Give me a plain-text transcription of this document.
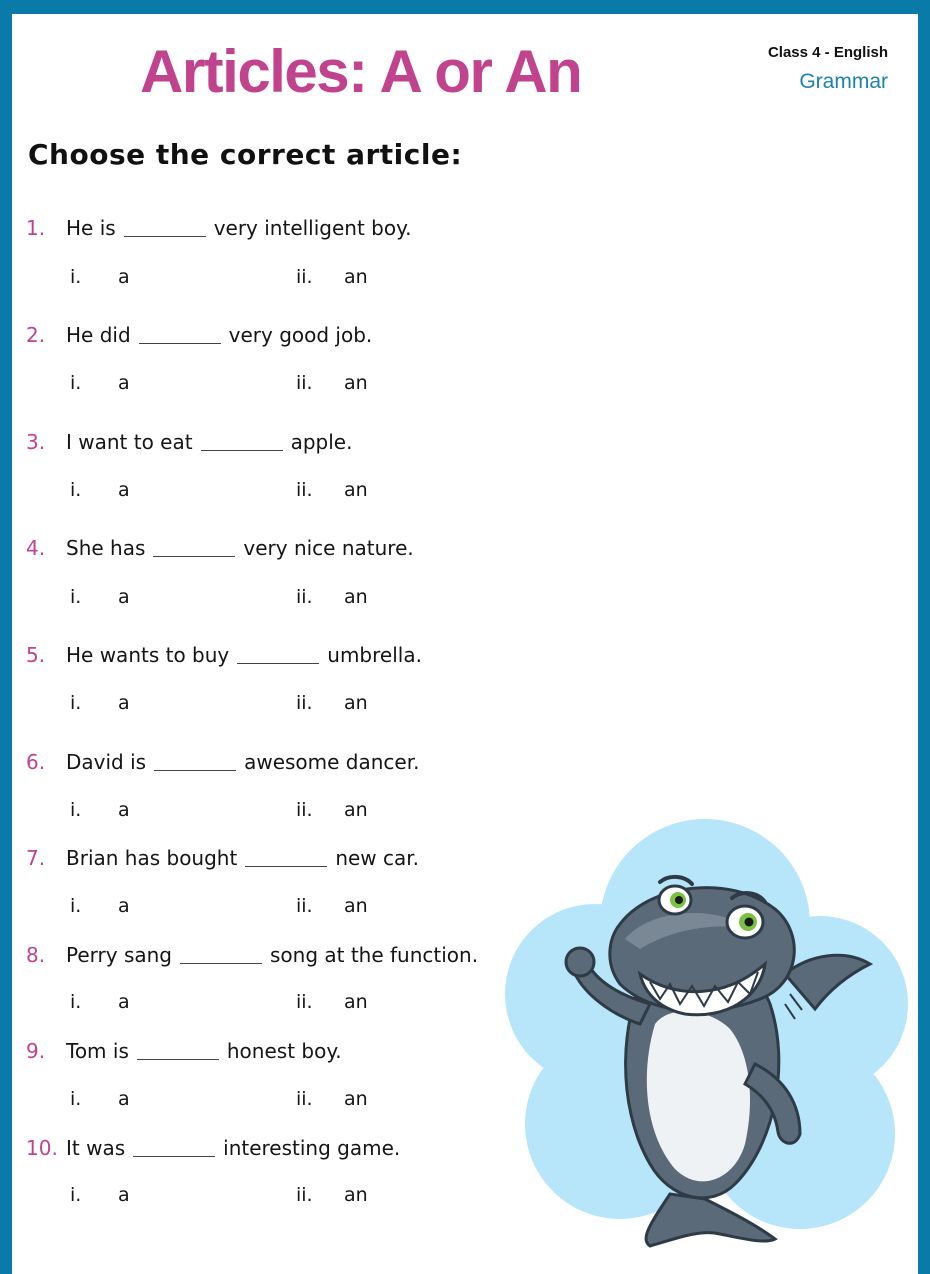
Articles: A or An	Class 4 - English
Grammar
Choose the correct article:
1. He is	very intelligent boy.
i. a	ii. an
2. He did	very good job.
i. a	ii. an
3. I want to eat	apple.
i. a	ii. an
4. She has	very nice nature.
i. a	ii. an
5. He wants to buy	umbrella.
i. a	ii. an
6. David is	awesome dancer.
i. a	ii. an
7. Brian has bought	new car.
i. a	ii. an
8. Perry sang	song at the function.
i. a	ii. an
9. Tom is	honest boy.
i. a	ii. an
10. It was	interesting game.
i. a	ii. an
